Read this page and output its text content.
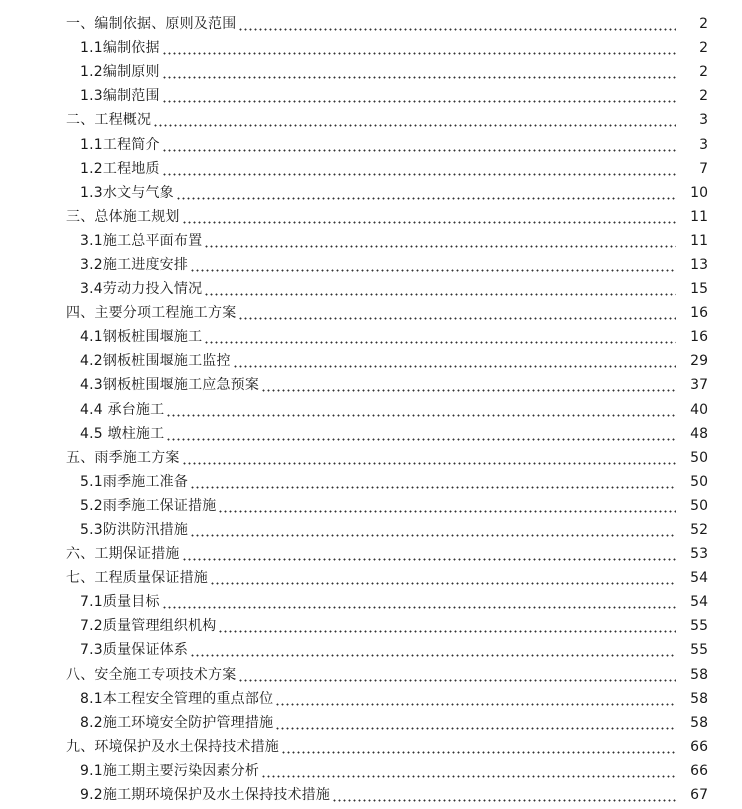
一、编制依据、原则及范围	2
1.1编制依据	2
1.2编制原则	2
1.3编制范围	2
二、工程概况	3
1.1工程简介	3
1.2工程地质	7
1.3水文与气象	10
三、总体施工规划	11
3.1施工总平面布置	11
3.2施工进度安排	13
3.4劳动力投入情况	15
四、主要分项工程施工方案	16
4.1钢板桩围堰施工	16
4.2钢板桩围堰施工监控	29
4.3钢板桩围堰施工应急预案	37
4.4 承台施工	40
4.5 墩柱施工	48
五、雨季施工方案	50
5.1雨季施工准备	50
5.2雨季施工保证措施	50
5.3防洪防汛措施	52
六、工期保证措施	53
七、工程质量保证措施	54
7.1质量目标	54
7.2质量管理组织机构	55
7.3质量保证体系	55
八、安全施工专项技术方案	58
8.1本工程安全管理的重点部位	58
8.2施工环境安全防护管理措施	58
九、环境保护及水土保持技术措施	66
9.1施工期主要污染因素分析	66
9.2施工期环境保护及水土保持技术措施	67
